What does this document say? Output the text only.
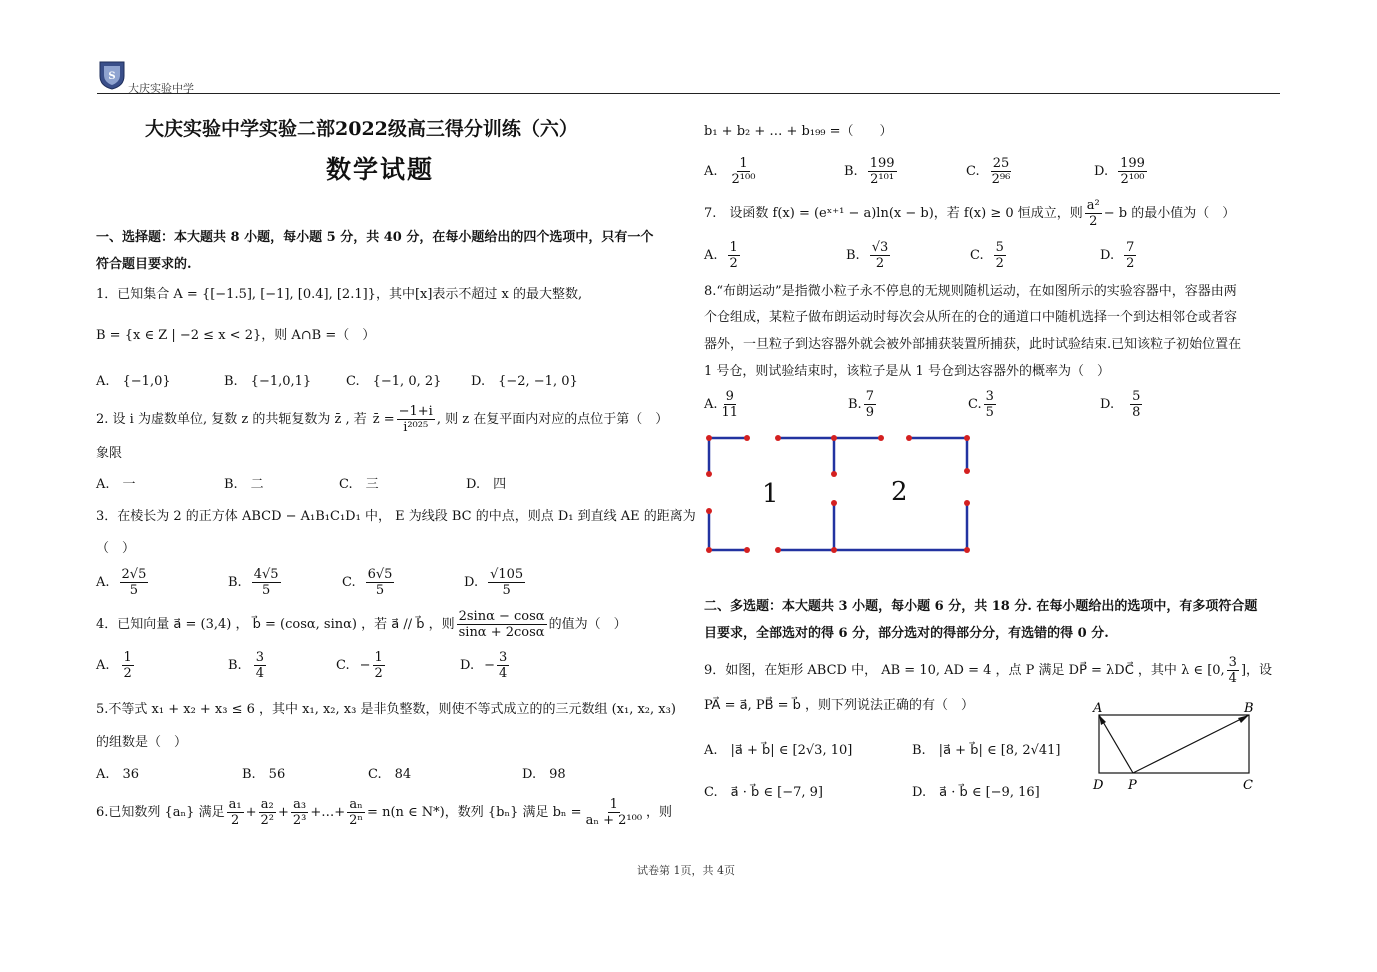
S
大庆实验中学
大庆实验中学实验二部2022级高三得分训练（六）
数学试题
一、选择题：本大题共 8 小题，每小题 5 分，共 40 分，在每小题给出的四个选项中，只有一个
符合题目要求的.
1．已知集合 A = {[−1.5], [−1], [0.4], [2.1]}，其中[x]表示不超过 x 的最大整数,
B = {x ∈ Z | −2 ≤ x < 2}，则 A∩B =（　）
A.　{−1,0}	B.　{−1,0,1}	C.　{−1, 0, 2} D.　{−2, −1, 0}
2. 设 i 为虚数单位, 复数 z 的共轭复数为 z̄ , 若 z̄ = $\frac{-1+i}{\text{i²⁰²⁵}}$ , 则 z 在复平面内对应的点位于第（　）
象限
A.　一	B.　二	C.　三	D.　四
3．在棱长为 2 的正方体 ABCD − A₁B₁C₁D₁ 中， E 为线段 BC 的中点，则点 D₁ 到直线 AE 的距离为
（　）
A. $\frac{2√5}{5}$	B. $\frac{4√5}{5}$	C. $\frac{6√5}{5}$	D. $\frac{√105}{5}$
4．已知向量 a⃗ = (3,4) ， b⃗ = (cosα, sinα) ，若 a⃗ // b⃗ ，则 $\frac{2\sin\alpha - \cos\alpha}{\sin\alpha + 2\cos\alpha}$ 的值为（　）
A. $\frac{1}{2}$	B. $\frac{3}{4}$	C. − $\frac{1}{2}$	D. − $\frac{3}{4}$
5.不等式 x₁ + x₂ + x₃ ≤ 6 ，其中 x₁, x₂, x₃ 是非负整数，则使不等式成立的的三元数组 (x₁, x₂, x₃)
的组数是（　）
A.　36	B.　56	C.　84	D.　98
6.已知数列 {aₙ} 满足 $\frac{\text{a₁}}{2} + \frac{\text{a₂}}{\text{2²}} + \frac{\text{a₃}}{\text{2³}}$ +…+ $\frac{\text{aₙ}}{\text{2ⁿ}} = n(n$ ∈ N*)，数列 {bₙ} 满足 $b_n = \frac{1}{\text{aₙ + 2¹⁰⁰}}$ ，则
b₁ + b₂ + … + b₁₉₉ =（　　）
A. $\frac{1}{\text{2¹⁰⁰}}$	B. $\frac{199}{\text{2¹⁰¹}}$	C. $\frac{25}{\text{2⁹⁶}}$	D. $\frac{199}{\text{2¹⁰⁰}}$
7.　设函数 f(x) = (eˣ⁺¹ − a)ln(x − b)，若 f(x) ≥ 0 恒成立，则 $\frac{\text{a²}}{2} - b$ 的最小值为（　）
A. $\frac{1}{2}$	B. $\frac{√3}{2}$	C. $\frac{5}{2}$	D. $\frac{7}{2}$
8.“布朗运动”是指微小粒子永不停息的无规则随机运动，在如图所示的实验容器中，容器由两
个仓组成，某粒子做布朗运动时每次会从所在的仓的通道口中随机选择一个到达相邻仓或者容
器外，一旦粒子到达容器外就会被外部捕获装置所捕获，此时试验结束.已知该粒子初始位置在
1 号仓，则试验结束时，该粒子是从 1 号仓到达容器外的概率为（　）
A. $\frac{9}{11}$	B. $\frac{7}{9}$	C. $\frac{3}{5}$	D. $\frac{5}{8}$
1	2
二、多选题：本大题共 3 小题，每小题 6 分，共 18 分. 在每小题给出的选项中，有多项符合题
目要求，全部选对的得 6 分，部分选对的得部分分，有选错的得 0 分.
9．如图，在矩形 ABCD 中， AB = 10, AD = 4 ，点 P 满足 DP⃗ = λDC⃗ ，其中 λ ∈ [0, $\frac{3}{4}$ ]，设
PA⃗ = a⃗, PB⃗ = b⃗ ，则下列说法正确的有（　）
A.　|a⃗ + b⃗| ∈ [2√3, 10]	B.　|a⃗ + b⃗| ∈ [8, 2√41]
C.　a⃗ · b⃗ ∈ [−7, 9]	D.　a⃗ · b⃗ ∈ [−9, 16]
A	B
C
D P
试卷第 1页，共 4页
